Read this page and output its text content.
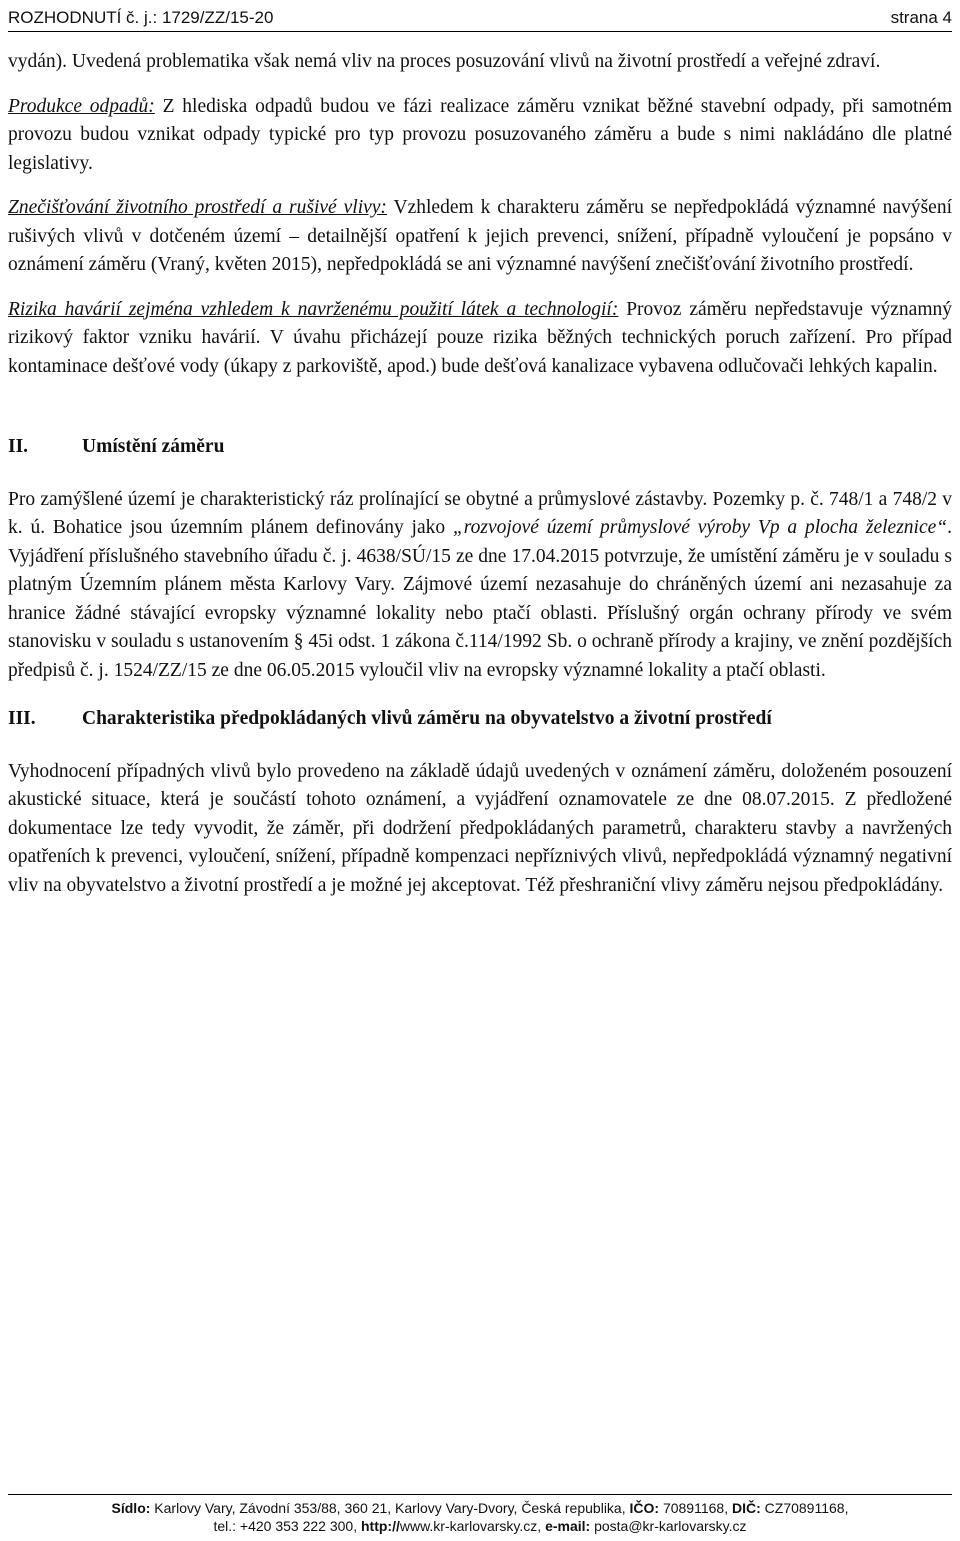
ROZHODNUTÍ č. j.: 1729/ZZ/15-20	strana 4

vydán). Uvedená problematika však nemá vliv na proces posuzování vlivů na životní prostředí a veřejné zdraví.

Produkce odpadů: Z hlediska odpadů budou ve fázi realizace záměru vznikat běžné stavební odpady, při samotném provozu budou vznikat odpady typické pro typ provozu posuzovaného záměru a bude s nimi nakládáno dle platné legislativy.

Znečišťování životního prostředí a rušivé vlivy: Vzhledem k charakteru záměru se nepředpokládá významné navýšení rušivých vlivů v dotčeném území – detailnější opatření k jejich prevenci, snížení, případně vyloučení je popsáno v oznámení záměru (Vraný, květen 2015), nepředpokládá se ani významné navýšení znečišťování životního prostředí.

Rizika havárií zejména vzhledem k navrženému použití látek a technologií: Provoz záměru nepředstavuje významný rizikový faktor vzniku havárií. V úvahu přicházejí pouze rizika běžných technických poruch zařízení. Pro případ kontaminace dešťové vody (úkapy z parkoviště, apod.) bude dešťová kanalizace vybavena odlučovači lehkých kapalin.

II.	Umístění záměru

Pro zamýšlené území je charakteristický ráz prolínající se obytné a průmyslové zástavby. Pozemky p. č. 748/1 a 748/2 v k. ú. Bohatice jsou územním plánem definovány jako „rozvojové území průmyslové výroby Vp a plocha železnice“. Vyjádření příslušného stavebního úřadu č. j. 4638/SÚ/15 ze dne 17.04.2015 potvrzuje, že umístění záměru je v souladu s platným Územním plánem města Karlovy Vary. Zájmové území nezasahuje do chráněných území ani nezasahuje za hranice žádné stávající evropsky významné lokality nebo ptačí oblasti. Příslušný orgán ochrany přírody ve svém stanovisku v souladu s ustanovením § 45i odst. 1 zákona č.114/1992 Sb. o ochraně přírody a krajiny, ve znění pozdějších předpisů č. j. 1524/ZZ/15 ze dne 06.05.2015 vyloučil vliv na evropsky významné lokality a ptačí oblasti.

III.	Charakteristika předpokládaných vlivů záměru na obyvatelstvo a životní prostředí

Vyhodnocení případných vlivů bylo provedeno na základě údajů uvedených v oznámení záměru, doloženém posouzení akustické situace, která je součástí tohoto oznámení, a vyjádření oznamovatele ze dne 08.07.2015. Z předložené dokumentace lze tedy vyvodit, že záměr, při dodržení předpokládaných parametrů, charakteru stavby a navržených opatřeních k prevenci, vyloučení, snížení, případně kompenzaci nepříznivých vlivů, nepředpokládá významný negativní vliv na obyvatelstvo a životní prostředí a je možné jej akceptovat. Též přeshraniční vlivy záměru nejsou předpokládány.

Sídlo: Karlovy Vary, Závodní 353/88, 360 21, Karlovy Vary-Dvory, Česká republika, IČO: 70891168, DIČ: CZ70891168,
tel.: +420 353 222 300, http://www.kr-karlovarsky.cz, e-mail: posta@kr-karlovarsky.cz
